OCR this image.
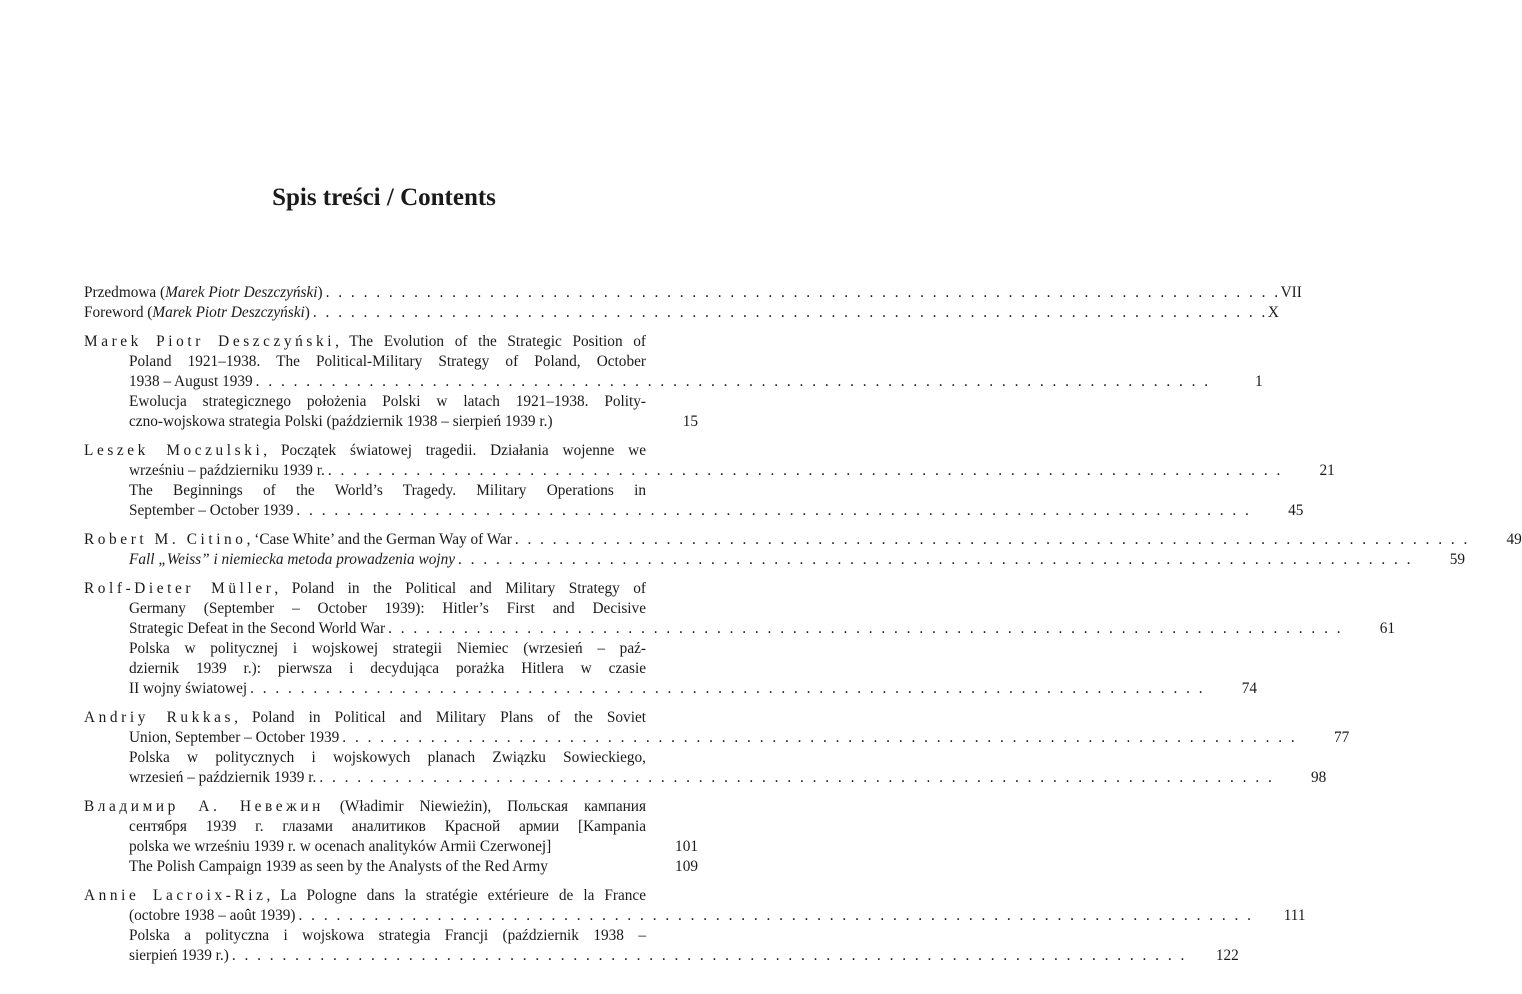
Spis treści / Contents
Przedmowa (Marek Piotr Deszczyński) . . . . . . . . . . . . . . . . . . . . . . . . . . . . . . . . . . . . . . . . . . . . . . . . . . . . . . . . . . . . . . . . . . . . . . . . . . . . VII
Foreword (Marek Piotr Deszczyński) . . . . . . . . . . . . . . . . . . . . . . . . . . . . . . . . . . . . . . . . . . . . . . . . . . . . . . . . . . . . . . . . . . . . . . . . . . . . X
Marek Piotr Deszczyński, The Evolution of the Strategic Position of
Poland 1921–1938. The Political-Military Strategy of Poland, October
1938 – August 1939 . . . . . . . . . . . . . . . . . . . . . . . . . . . . . . . . . . . . . . . . . . . . . . . . . . . . . . . . . . . . . . . . . . . . . . . . . . . .	1
Ewolucja strategicznego położenia Polski w latach 1921–1938. Polity-
czno-wojskowa strategia Polski (październik 1938 – sierpień 1939 r.)	15
Leszek Moczulski, Początek światowej tragedii. Działania wojenne we
wrześniu – październiku 1939 r. . . . . . . . . . . . . . . . . . . . . . . . . . . . . . . . . . . . . . . . . . . . . . . . . . . . . . . . . . . . . . . . . . . . . . . . . . . . .	21
The Beginnings of the World’s Tragedy. Military Operations in
September – October 1939 . . . . . . . . . . . . . . . . . . . . . . . . . . . . . . . . . . . . . . . . . . . . . . . . . . . . . . . . . . . . . . . . . . . . . . . . . . . .	45
Robert M. Citino, ‘Case White’ and the German Way of War . . . . . . . . . . . . . . . . . . . . . . . . . . . . . . . . . . . . . . . . . . . . . . . . . . . . . . . . . . . . . . . . . . . . . . . . . . . .	49
Fall „Weiss” i niemiecka metoda prowadzenia wojny . . . . . . . . . . . . . . . . . . . . . . . . . . . . . . . . . . . . . . . . . . . . . . . . . . . . . . . . . . . . . . . . . . . . . . . . . . . .	59
Rolf-Dieter Müller, Poland in the Political and Military Strategy of
Germany (September – October 1939): Hitler’s First and Decisive
Strategic Defeat in the Second World War . . . . . . . . . . . . . . . . . . . . . . . . . . . . . . . . . . . . . . . . . . . . . . . . . . . . . . . . . . . . . . . . . . . . . . . . . . . .	61
Polska w politycznej i wojskowej strategii Niemiec (wrzesień – paź-
dziernik 1939 r.): pierwsza i decydująca porażka Hitlera w czasie
II wojny światowej . . . . . . . . . . . . . . . . . . . . . . . . . . . . . . . . . . . . . . . . . . . . . . . . . . . . . . . . . . . . . . . . . . . . . . . . . . . .	74
Andriy Rukkas, Poland in Political and Military Plans of the Soviet
Union, September – October 1939 . . . . . . . . . . . . . . . . . . . . . . . . . . . . . . . . . . . . . . . . . . . . . . . . . . . . . . . . . . . . . . . . . . . . . . . . . . . .	77
Polska w politycznych i wojskowych planach Związku Sowieckiego,
wrzesień – październik 1939 r. . . . . . . . . . . . . . . . . . . . . . . . . . . . . . . . . . . . . . . . . . . . . . . . . . . . . . . . . . . . . . . . . . . . . . . . . . . . .	98
Владимир А. Невежин (Władimir Niewieżin), Польская кампания
сентября 1939 г. глазами аналитиков Красной армии [Kampania
polska we wrześniu 1939 r. w ocenach analityków Armii Czerwonej]	101
The Polish Campaign 1939 as seen by the Analysts of the Red Army	109
Annie Lacroix-Riz, La Pologne dans la stratégie extérieure de la France
(octobre 1938 – août 1939) . . . . . . . . . . . . . . . . . . . . . . . . . . . . . . . . . . . . . . . . . . . . . . . . . . . . . . . . . . . . . . . . . . . . . . . . . . . .	111
Polska a polityczna i wojskowa strategia Francji (październik 1938 –
sierpień 1939 r.) . . . . . . . . . . . . . . . . . . . . . . . . . . . . . . . . . . . . . . . . . . . . . . . . . . . . . . . . . . . . . . . . . . . . . . . . . . . .	122
